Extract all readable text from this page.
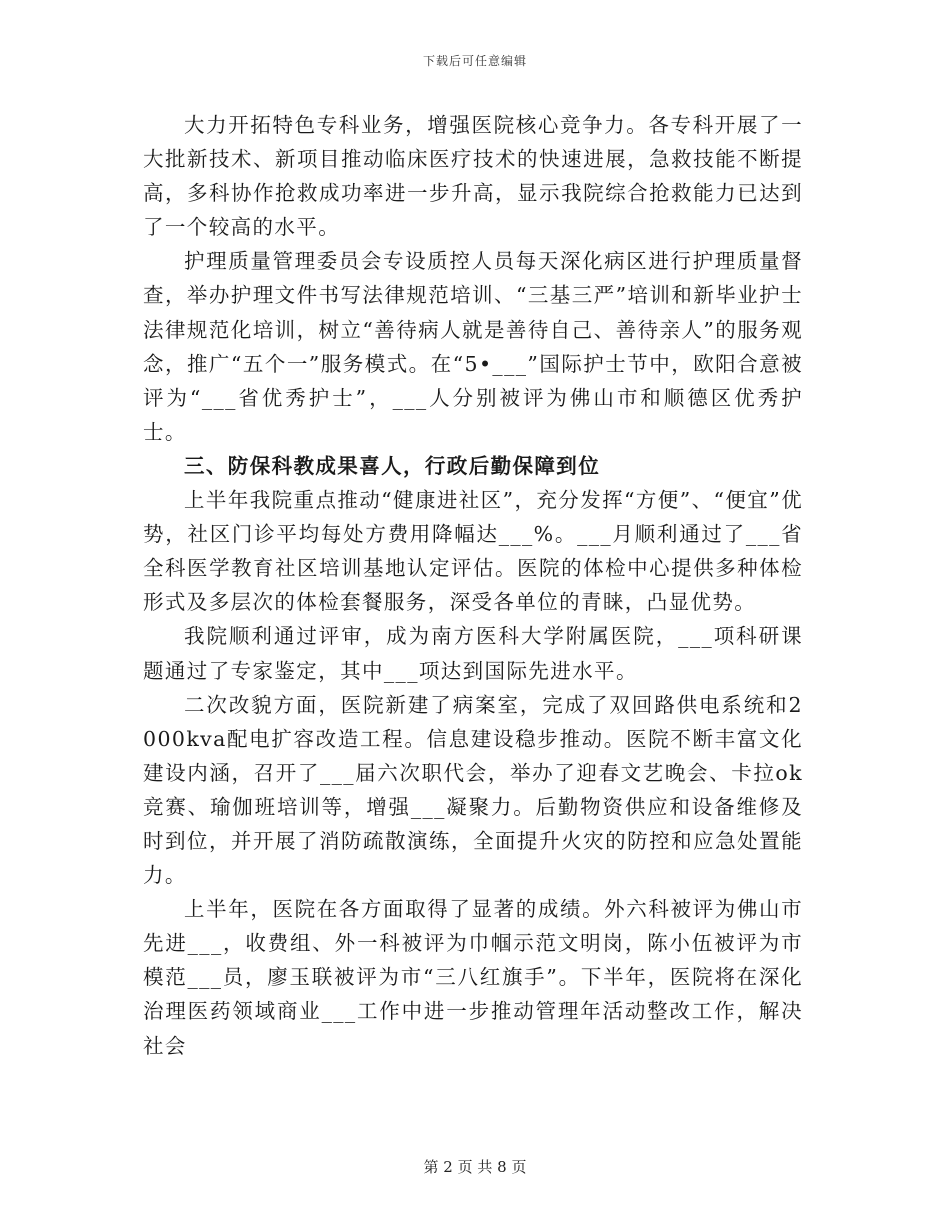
下载后可任意编辑

大力开拓特色专科业务，增强医院核心竞争力。各专科开展了一大批新技术、新项目推动临床医疗技术的快速进展，急救技能不断提高，多科协作抢救成功率进一步升高，显示我院综合抢救能力已达到了一个较高的水平。

护理质量管理委员会专设质控人员每天深化病区进行护理质量督查，举办护理文件书写法律规范培训、“三基三严”培训和新毕业护士法律规范化培训，树立“善待病人就是善待自己、善待亲人”的服务观念，推广“五个一”服务模式。在“5•___”国际护士节中，欧阳合意被评为“___省优秀护士”，___人分别被评为佛山市和顺德区优秀护士。

三、防保科教成果喜人，行政后勤保障到位

上半年我院重点推动“健康进社区”，充分发挥“方便”、“便宜”优势，社区门诊平均每处方费用降幅达___%。___月顺利通过了___省全科医学教育社区培训基地认定评估。医院的体检中心提供多种体检形式及多层次的体检套餐服务，深受各单位的青睐，凸显优势。

我院顺利通过评审，成为南方医科大学附属医院，___项科研课题通过了专家鉴定，其中___项达到国际先进水平。

二次改貌方面，医院新建了病案室，完成了双回路供电系统和2000kva配电扩容改造工程。信息建设稳步推动。医院不断丰富文化建设内涵，召开了___届六次职代会，举办了迎春文艺晚会、卡拉ok竞赛、瑜伽班培训等，增强___凝聚力。后勤物资供应和设备维修及时到位，并开展了消防疏散演练，全面提升火灾的防控和应急处置能力。

上半年，医院在各方面取得了显著的成绩。外六科被评为佛山市先进___，收费组、外一科被评为巾帼示范文明岗，陈小伍被评为市模范___员，廖玉联被评为市“三八红旗手”。下半年，医院将在深化治理医药领域商业___工作中进一步推动管理年活动整改工作，解决社会

第 2 页 共 8 页
